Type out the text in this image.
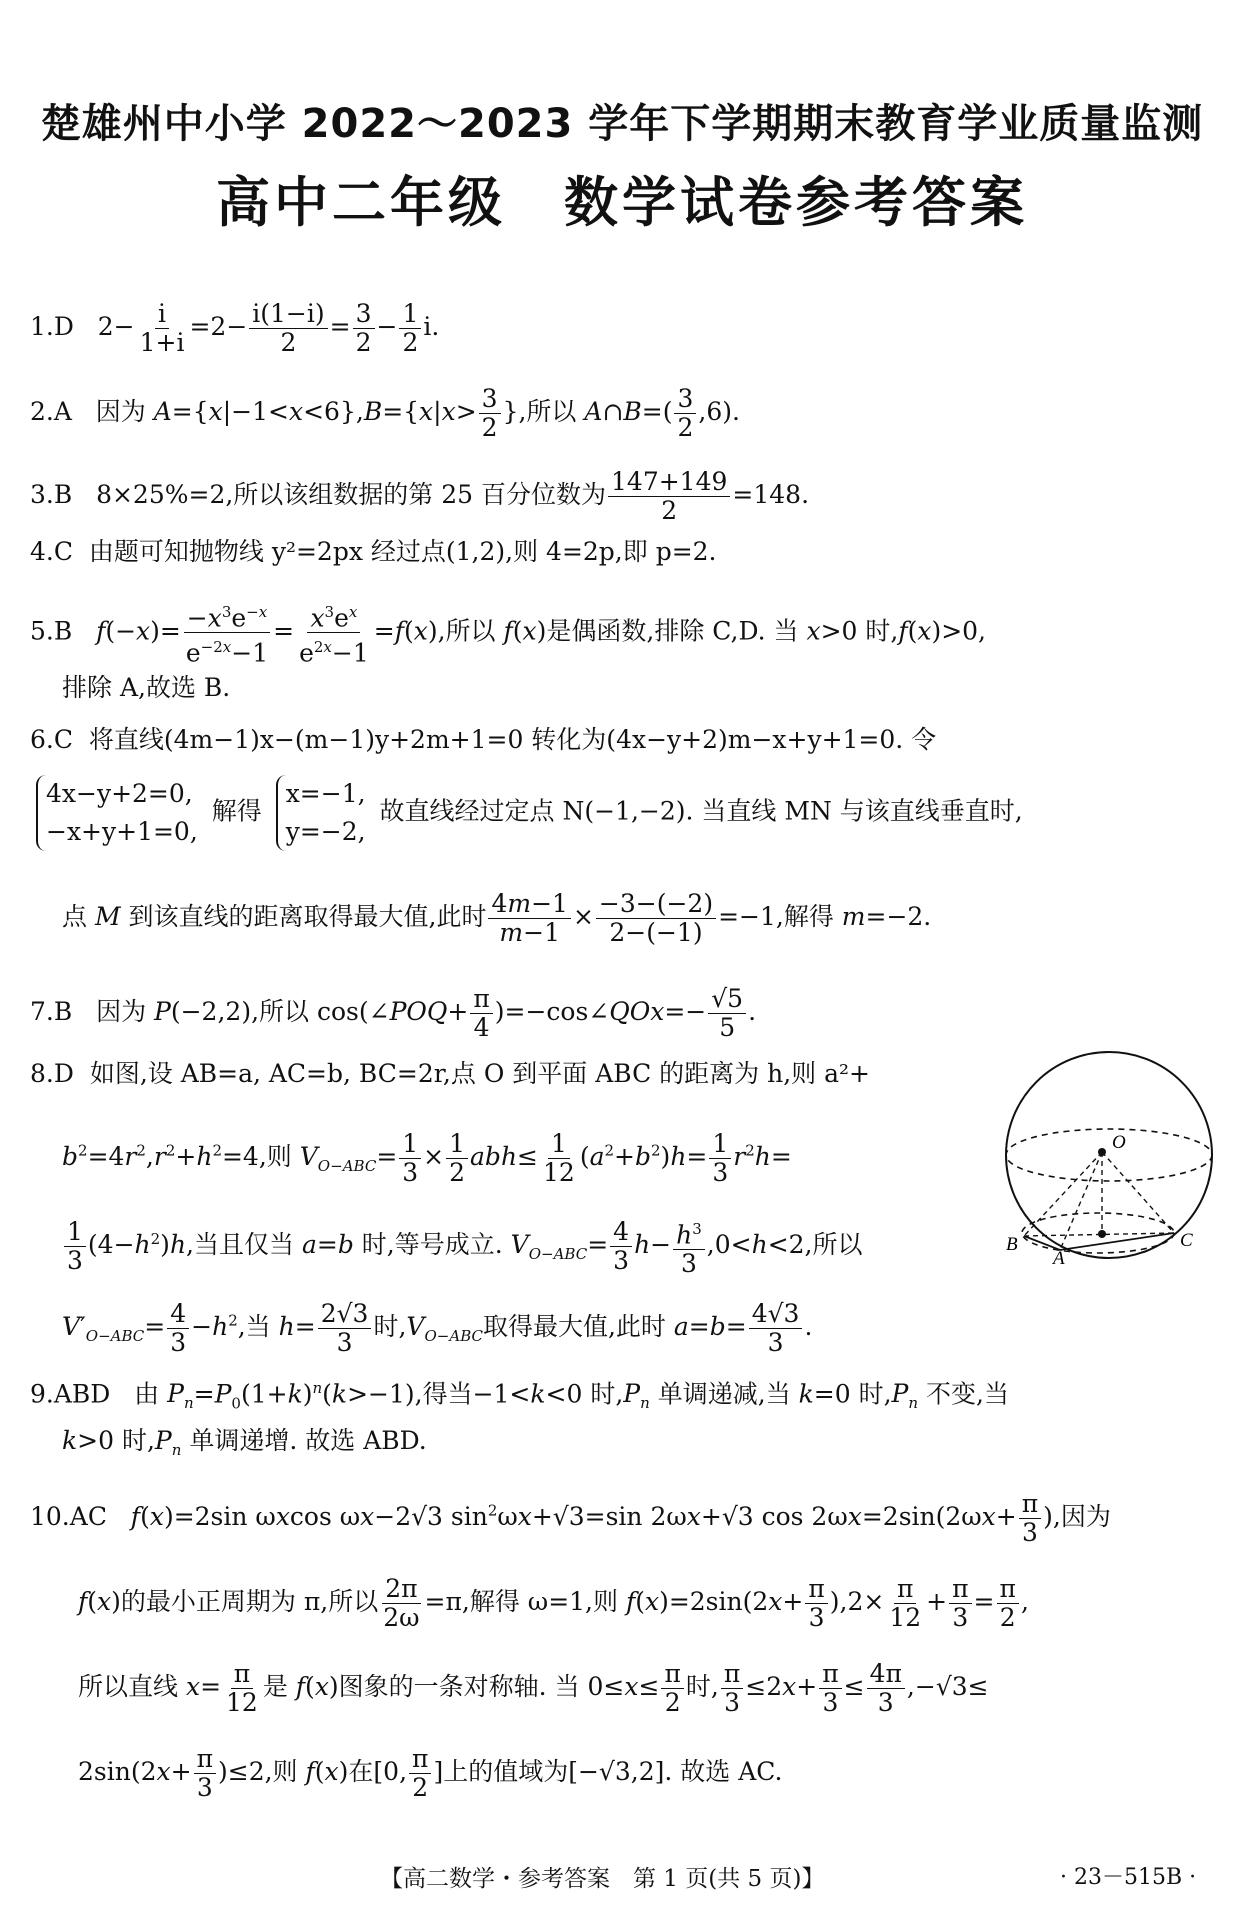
楚雄州中小学 2022～2023 学年下学期期末教育学业质量监测
高中二年级　数学试卷参考答案
1.D   $2- \frac{i}{1+i} =2- \frac{i(1-i)}{2} = \frac{3}{2} - \frac{1}{2} i$.
2.A   因为 $A=\{x|-1<x<6\},B=\{x|x> \frac{3}{2}$ },所以 A∩B=( $\frac{3}{2} ,6$).
3.B   8×25%=2,所以该组数据的第 25 百分位数为 $\frac{147+149}{2} =148$.
4.C 由题可知抛物线 y²=2px 经过点(1,2),则 4=2p,即 p=2.
5.B $f(-x)= \frac{-x^3e^{-x}}{e^{-2x}-1} = \frac{x^3e^x}{e^{2x}-1} =f(x)$,所以 f(x)是偶函数,排除 C,D. 当 x>0 时,f(x)>0,
排除 A,故选 B.
6.C 将直线(4m−1)x−(m−1)y+2m+1=0 转化为(4x−y+2)m−x+y+1=0. 令
4x−y+2=0,
−x+y+1=0,
解得
x=−1,
y=−2,
故直线经过定点 N(−1,−2). 当直线 MN 与该直线垂直时,
点 M 到该直线的距离取得最大值,此时 $\frac{4m-1}{m-1} \times \frac{-3-(-2)}{2-(-1)} =-1$,解得 m=−2.
7.B   因为 P(−2,2),所以 cos(∠POQ+ $\frac{\pi}{4}$ )=−cos∠QOx=− $\frac{√5}{5}$ .
8.D 如图,设 AB=a, AC=b, BC=2r,点 O 到平面 ABC 的距离为 h,则 a²+
$b^2=4r^2,r^2+h^2=4$,则 $V_{O-ABC}= \frac{1}{3} \times \frac{1}{2} abh\le \frac{1}{12} (a^2+b^2)h= \frac{1}{3} r^2h=$
$\frac{1}{3} (4-h^2)h$,当且仅当 a=b 时,等号成立. $V_{O-ABC}= \frac{4}{3} h- \frac{h^3}{3} ,0<h<2$,所以
$V'_{O-ABC}= \frac{4}{3} -h^2$,当 $h= \frac{2√3}{3}$ 时$,V_{O-ABC}$取得最大值,此时 $a=b= \frac{4√3}{3}$ .
O
B	C
A
9.ABD   由 $P_n=P_0(1+k)^n(k>-1)$,得当−1<k<0 时$,P_n$ 单调递减,当 k=0 时$,P_n$ 不变,当
k>0 时$,P_n$ 单调递增. 故选 ABD.
10.AC f(x)=2sin ωxcos ωx−2√3 $\sin^2\omega x+√3=\sin$ 2ωx+√3 $\cos 2\omega x=2\sin(2\omega x+ \frac{\pi}{3}$ ),因为
f(x)的最小正周期为 π,所以 $\frac{2\pi}{2\omega} =\pi$,解得 ω=1,则 $f(x)=2\sin(2x+ \frac{\pi}{3} ),2\times \frac{\pi}{12} + \frac{\pi}{3} = \frac{\pi}{2}$ ,
所以直线 $x= \frac{\pi}{12}$ 是 f(x)图象的一条对称轴. 当 $0\le x\le \frac{\pi}{2}$ 时, $\frac{\pi}{3} \le 2x+ \frac{\pi}{3} \le \frac{4\pi}{3} ,-√3\le$
$2\sin(2x+ \frac{\pi}{3} )\le 2$,则 f(x)在[0, $\frac{\pi}{2}$ ]上的值域为[−√3,2]. 故选 AC.
【高二数学・参考答案　第 1 页(共 5 页)】	· 23－515B ·
